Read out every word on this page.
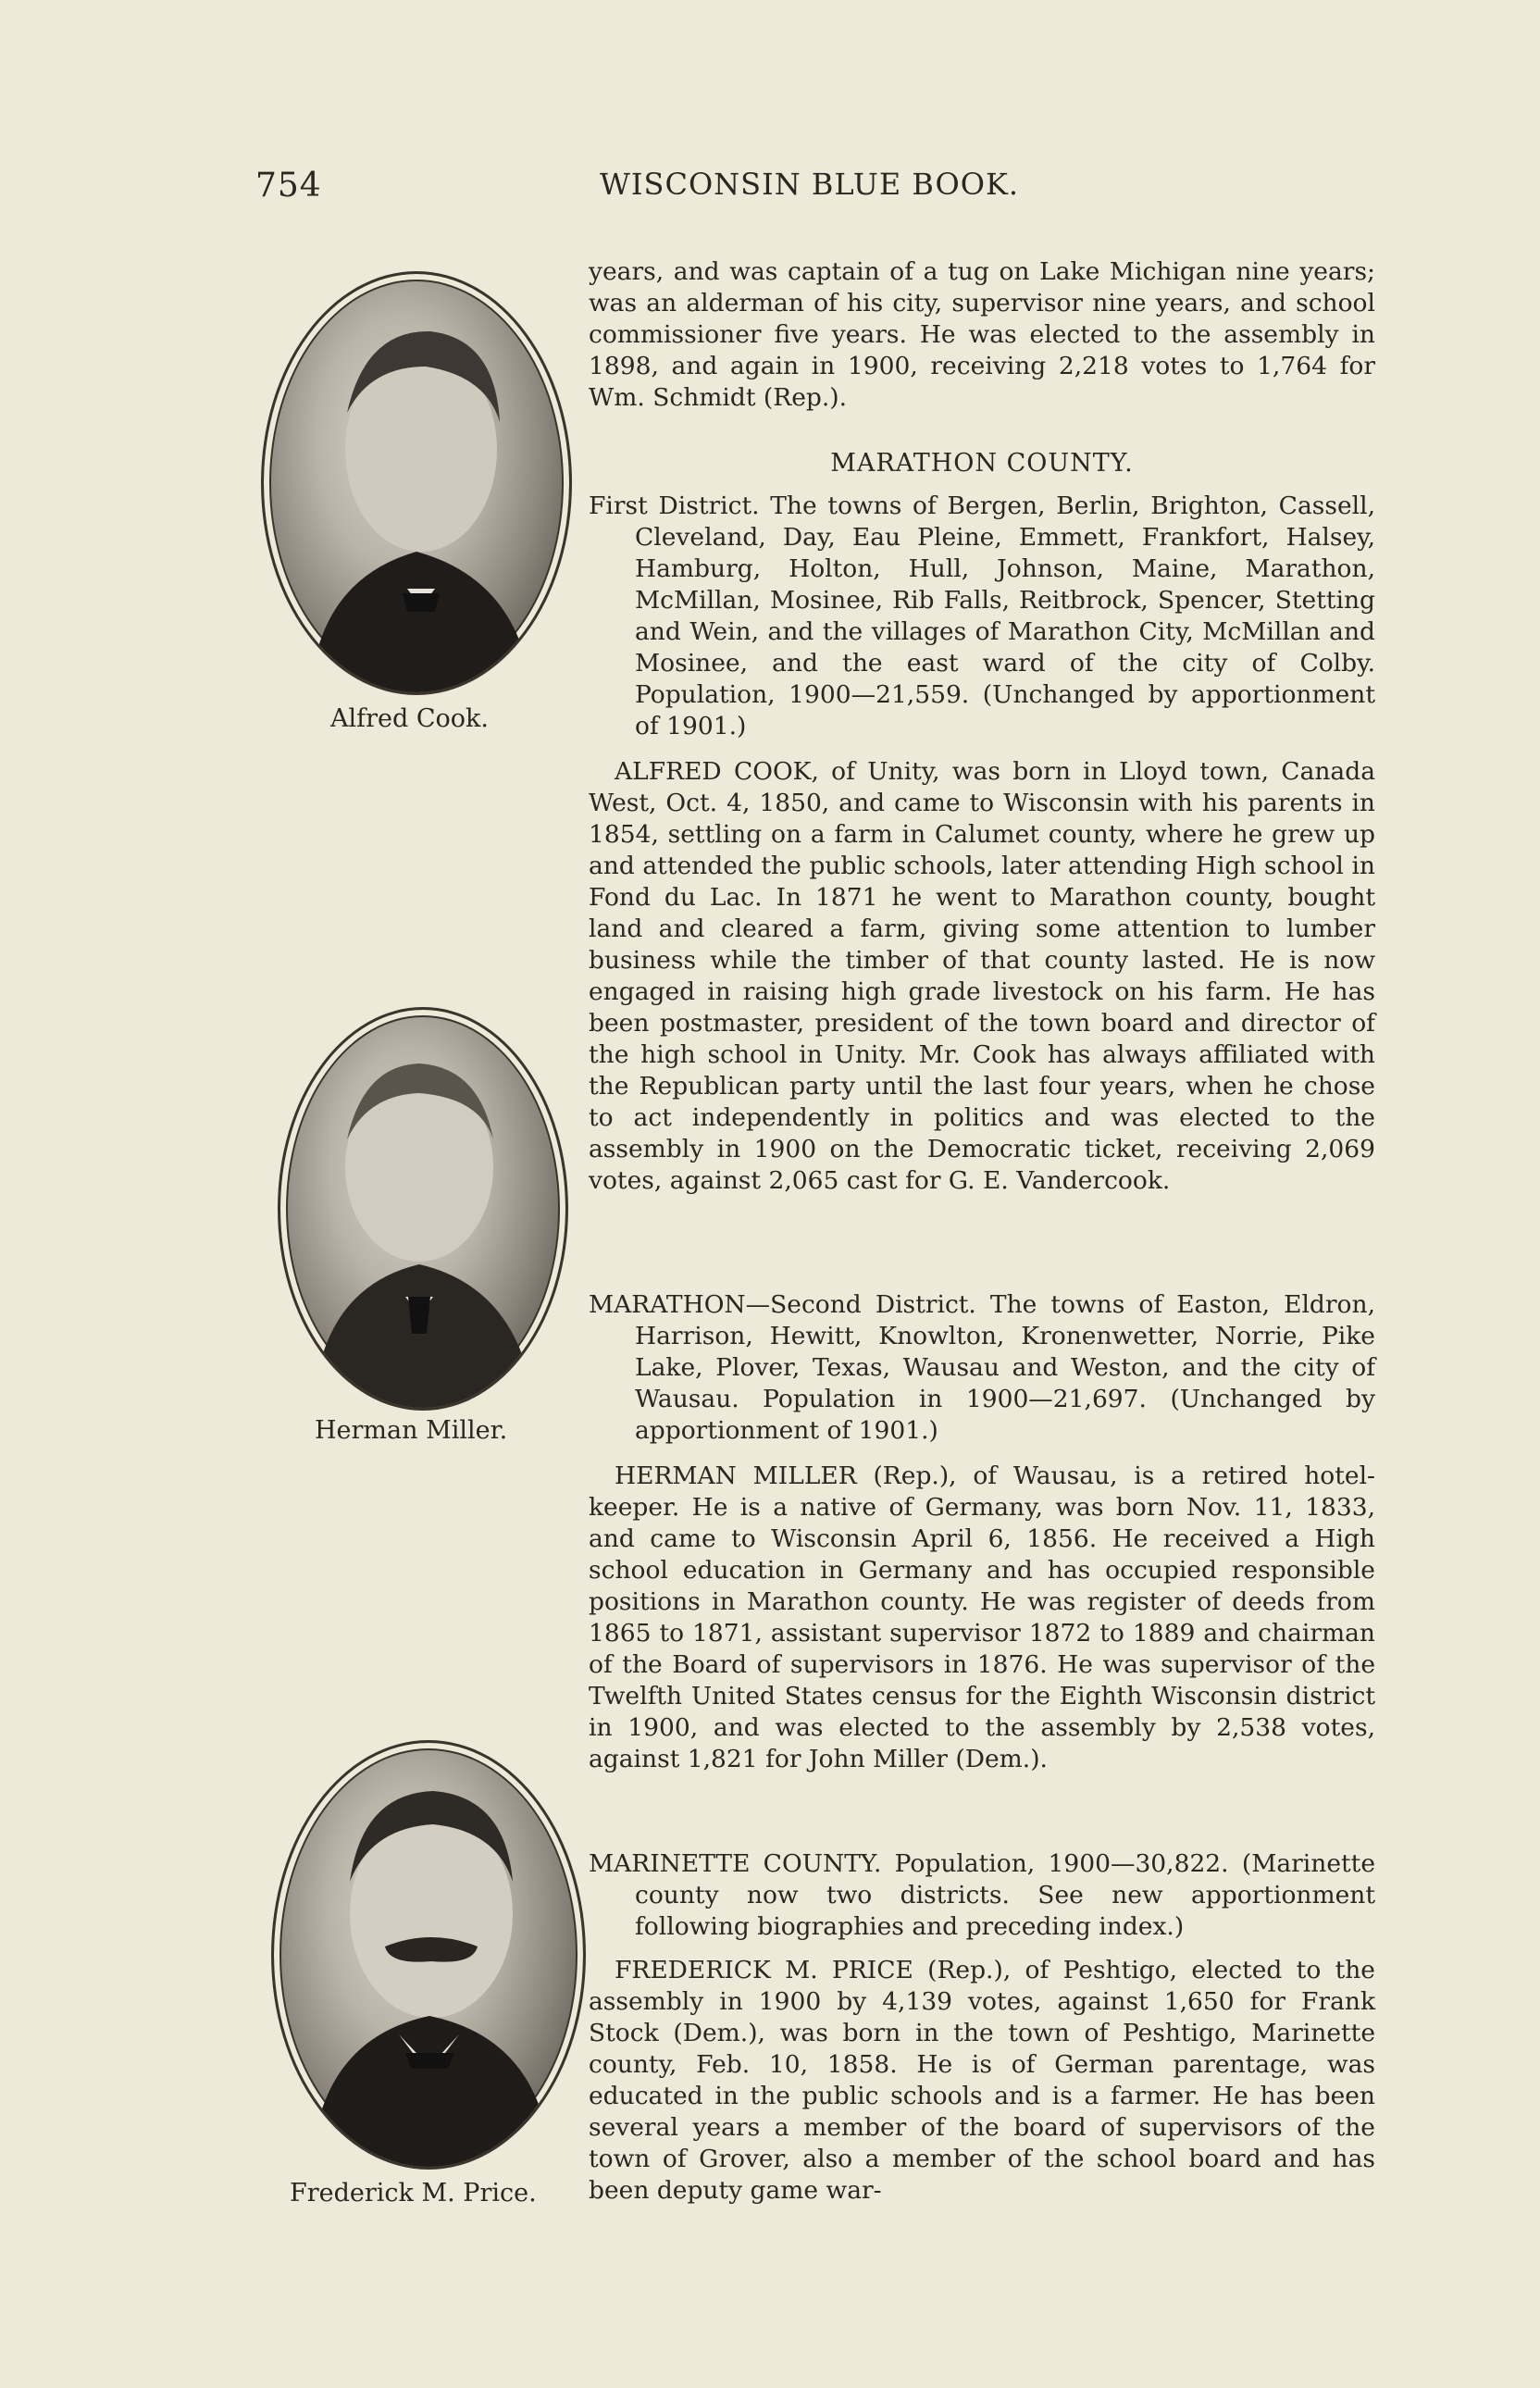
754	WISCONSIN BLUE BOOK.
Alfred Cook.
Herman Miller.
Frederick M. Price.

years, and was captain of a tug on Lake Michigan nine years; was an alderman of his city, supervisor nine years, and school commissioner five years. He was elected to the assembly in 1898, and again in 1900, receiving 2,218 votes to 1,764 for Wm. Schmidt (Rep.).

MARATHON COUNTY.

First District. The towns of Bergen, Berlin, Brighton, Cassell, Cleveland, Day, Eau Pleine, Emmett, Frankfort, Halsey, Hamburg, Holton, Hull, Johnson, Maine, Marathon, McMillan, Mosinee, Rib Falls, Reitbrock, Spencer, Stetting and Wein, and the villages of Marathon City, McMillan and Mosinee, and the east ward of the city of Colby. Population, 1900—21,559. (Unchanged by apportionment of 1901.)

ALFRED COOK, of Unity, was born in Lloyd town, Canada West, Oct. 4, 1850, and came to Wisconsin with his parents in 1854, settling on a farm in Calumet county, where he grew up and attended the public schools, later attending High school in Fond du Lac. In 1871 he went to Marathon county, bought land and cleared a farm, giving some attention to lumber business while the timber of that county lasted. He is now engaged in raising high grade livestock on his farm. He has been postmaster, president of the town board and director of the high school in Unity. Mr. Cook has always affiliated with the Republican party until the last four years, when he chose to act independently in politics and was elected to the assembly in 1900 on the Democratic ticket, receiving 2,069 votes, against 2,065 cast for G. E. Vandercook.

MARATHON—Second District. The towns of Easton, Eldron, Harrison, Hewitt, Knowlton, Kronenwetter, Norrie, Pike Lake, Plover, Texas, Wausau and Weston, and the city of Wausau. Population in 1900—21,697. (Unchanged by apportionment of 1901.)

HERMAN MILLER (Rep.), of Wausau, is a retired hotel-keeper. He is a native of Germany, was born Nov. 11, 1833, and came to Wisconsin April 6, 1856. He received a High school education in Germany and has occupied responsible positions in Marathon county. He was register of deeds from 1865 to 1871, assistant supervisor 1872 to 1889 and chairman of the Board of supervisors in 1876. He was supervisor of the Twelfth United States census for the Eighth Wisconsin district in 1900, and was elected to the assembly by 2,538 votes, against 1,821 for John Miller (Dem.).

MARINETTE COUNTY. Population, 1900—30,822. (Marinette county now two districts. See new apportionment following biographies and preceding index.)

FREDERICK M. PRICE (Rep.), of Peshtigo, elected to the assembly in 1900 by 4,139 votes, against 1,650 for Frank Stock (Dem.), was born in the town of Peshtigo, Marinette county, Feb. 10, 1858. He is of German parentage, was educated in the public schools and is a farmer. He has been several years a member of the board of supervisors of the town of Grover, also a member of the school board and has been deputy game war-
